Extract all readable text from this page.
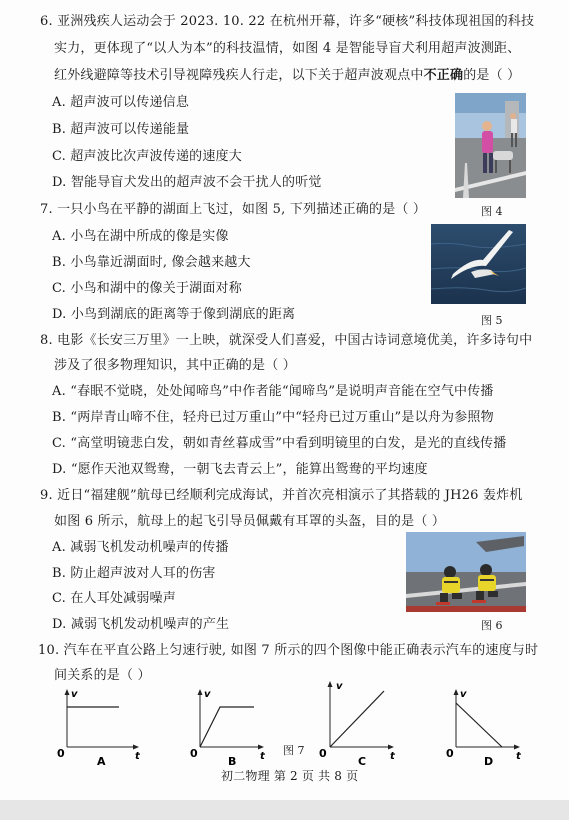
6. 亚洲残疾人运动会于 2023. 10. 22 在杭州开幕，许多“硬核”科技体现祖国的科技
实力，更体现了“以人为本”的科技温情，如图 4 是智能导盲犬利用超声波测距、
红外线避障等技术引导视障残疾人行走，以下关于超声波观点中不正确的是（ ）
A. 超声波可以传递信息
B. 超声波可以传递能量
C. 超声波比次声波传递的速度大
D. 智能导盲犬发出的超声波不会干扰人的听觉
图 4
7. 一只小鸟在平静的湖面上飞过，如图 5, 下列描述正确的是（ ）
A. 小鸟在湖中所成的像是实像
B. 小鸟靠近湖面时, 像会越来越大
C. 小鸟和湖中的像关于湖面对称
D. 小鸟到湖底的距离等于像到湖底的距离	图 5
8. 电影《长安三万里》一上映，就深受人们喜爱，中国古诗词意境优美，许多诗句中
涉及了很多物理知识，其中正确的是（ ）
A. “春眠不觉晓，处处闻啼鸟”中作者能“闻啼鸟”是说明声音能在空气中传播
B. “两岸青山啼不住，轻舟已过万重山”中“轻舟已过万重山”是以舟为参照物
C. “高堂明镜悲白发，朝如青丝暮成雪”中看到明镜里的白发，是光的直线传播
D. “愿作天池双鸳鸯，一朝飞去青云上”，能算出鸳鸯的平均速度
9. 近日“福建舰”航母已经顺利完成海试，并首次亮相演示了其搭载的 JH26 轰炸机
如图 6 所示，航母上的起飞引导员佩戴有耳罩的头盔，目的是（ ）
A. 减弱飞机发动机噪声的传播
B. 防止超声波对人耳的伤害
C. 在人耳处减弱噪声
D. 减弱飞机发动机噪声的产生	图 6
10. 汽车在平直公路上匀速行驶, 如图 7 所示的四个图像中能正确表示汽车的速度与时
间关系的是（ ）
v
t
0
A
v
t
0
B
图 7
v
t
0
C
v
t
0
D
初二物理 第 2 页 共 8 页
